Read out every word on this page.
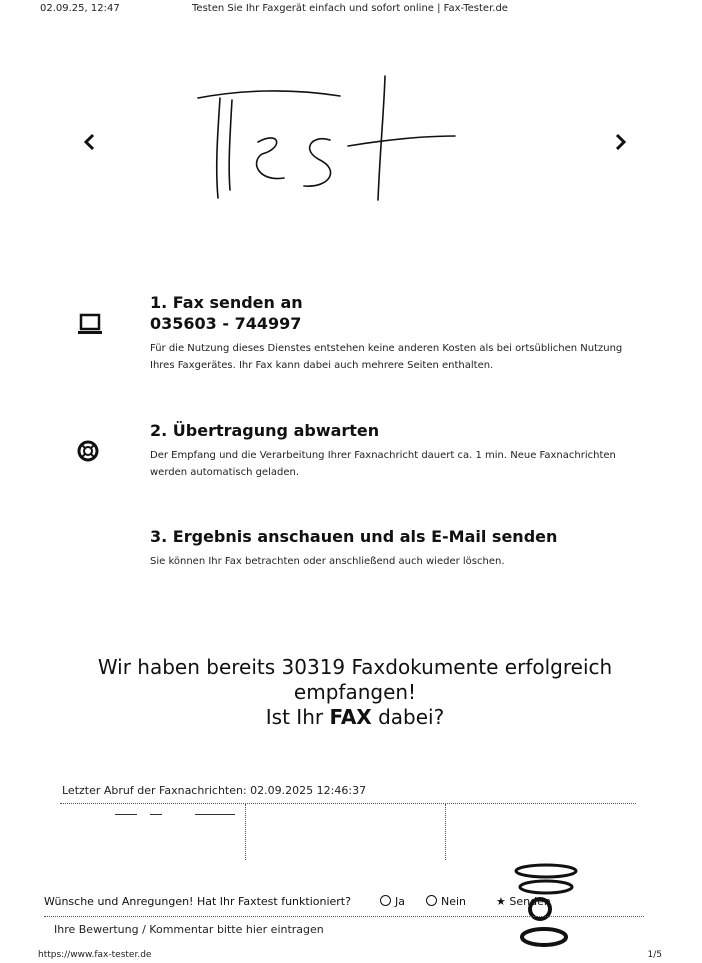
02.09.25, 12:47	Testen Sie Ihr Faxgerät einfach und sofort online | Fax-Tester.de
1. Fax senden an
035603 - 744997
Für die Nutzung dieses Dienstes entstehen keine anderen Kosten als bei ortsüblichen Nutzung Ihres Faxgerätes. Ihr Fax kann dabei auch mehrere Seiten enthalten.
2. Übertragung abwarten
Der Empfang und die Verarbeitung Ihrer Faxnachricht dauert ca. 1 min. Neue Faxnachrichten werden automatisch geladen.
3. Ergebnis anschauen und als E-Mail senden
Sie können Ihr Fax betrachten oder anschließend auch wieder löschen.
Wir haben bereits 30319 Faxdokumente erfolgreich empfangen!
Ist Ihr FAX dabei?
Letzter Abruf der Faxnachrichten: 02.09.2025 12:46:37
Wünsche und Anregungen! Hat Ihr Faxtest funktioniert?	Ja	Nein	★ Senden
Ihre Bewertung / Kommentar bitte hier eintragen
https://www.fax-tester.de	1/5
